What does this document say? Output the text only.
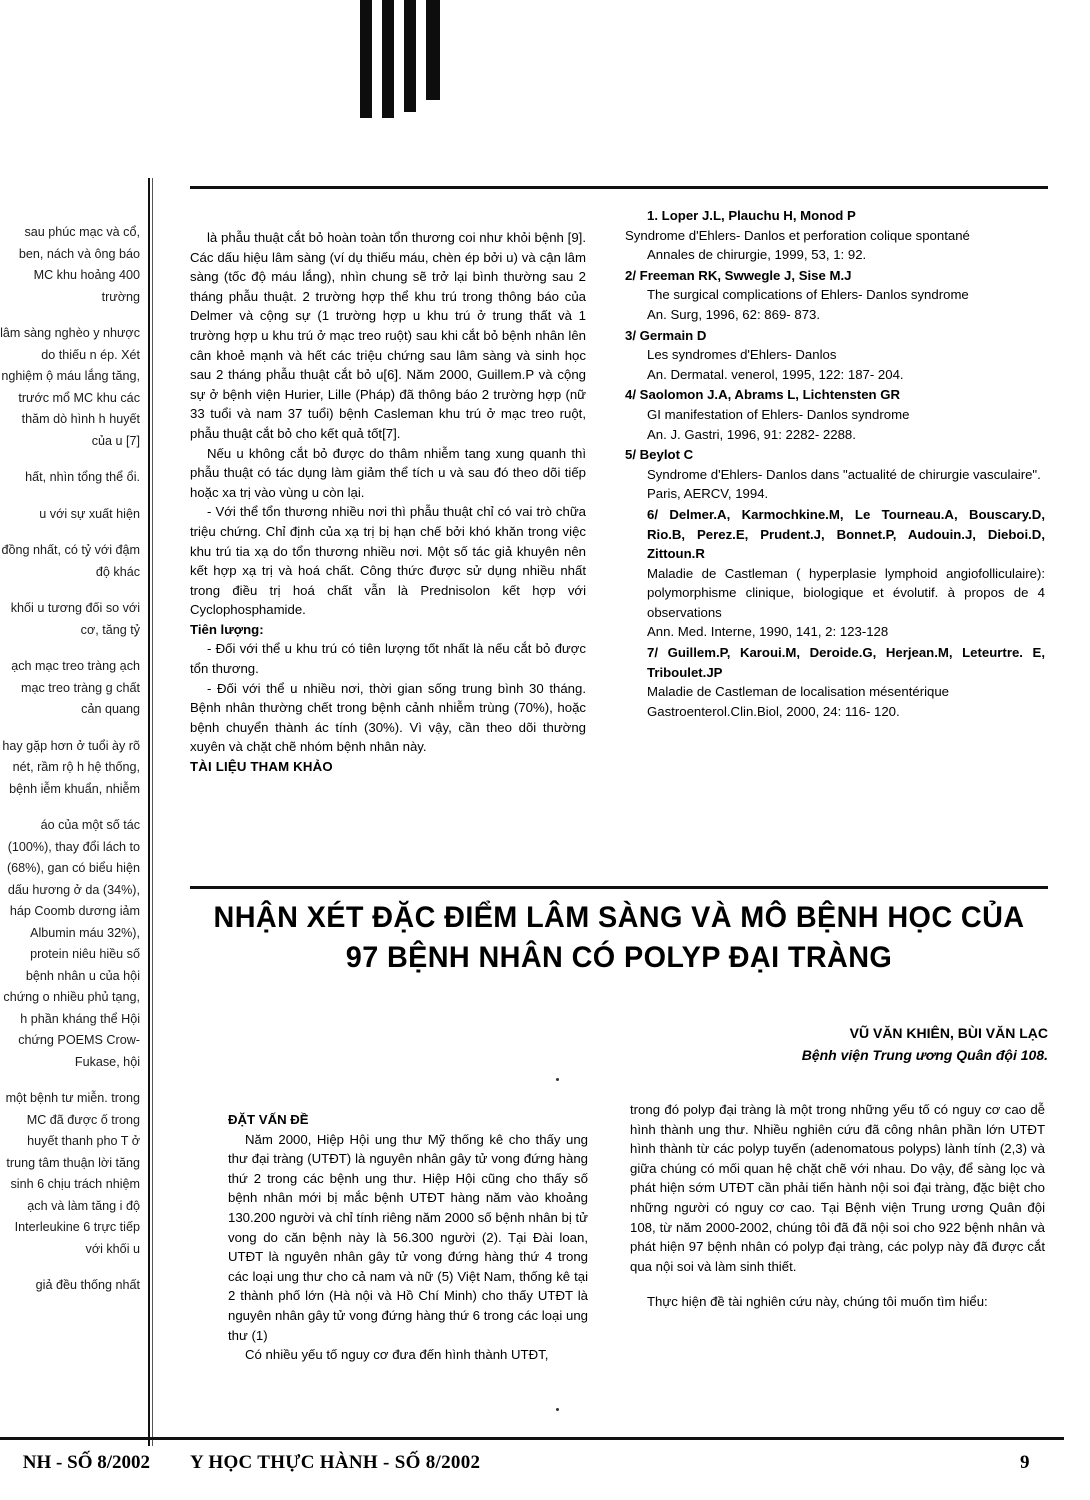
sau phúc mạc và cổ, ben, nách và ông báo MC khu hoảng 400 trường

lâm sàng nghèo y nhược do thiếu n ép. Xét nghiệm ộ máu lắng tăng, trước mổ MC khu các thăm dò hình h huyết của u [7]

hất, nhìn tổng thể ổi.

u với sự xuất hiện

đồng nhất, có tỷ với đậm độ khác

khối u tương đối so với cơ, tăng tỷ

ạch mạc treo tràng ạch mạc treo tràng g chất cản quang

hay gặp hơn ở tuổi ày rõ nét, rầm rộ h hệ thống, bệnh iễm khuẩn, nhiễm

áo của một số tác (100%), thay đổi lách to (68%), gan có biểu hiện dấu hương ở da (34%), háp Coomb dương iảm Albumin máu 32%), protein niêu hiều số bệnh nhân u của hội chứng o nhiều phủ tạng, h phần kháng thể Hội chứng POEMS Crow- Fukase, hội

một bệnh tư miễn. trong MC đã được ố trong huyết thanh pho T ở trung tâm thuận lời tăng sinh 6 chịu trách nhiệm ạch và làm tăng i độ Interleukine 6 trực tiếp với khối u

giả đều thống nhất

là phẫu thuật cắt bỏ hoàn toàn tổn thương coi như khỏi bệnh [9]. Các dấu hiệu lâm sàng (ví dụ thiếu máu, chèn ép bởi u) và cận lâm sàng (tốc độ máu lắng), nhìn chung sẽ trở lại bình thường sau 2 tháng phẫu thuật. 2 trường hợp thể khu trú trong thông báo của Delmer và cộng sự (1 trường hợp u khu trú ở trung thất và 1 trường hợp u khu trú ở mạc treo ruột) sau khi cắt bỏ bệnh nhân lên cân khoẻ mạnh và hết các triệu chứng sau lâm sàng và sinh học sau 2 tháng phẫu thuật cắt bỏ u[6]. Năm 2000, Guillem.P và cộng sự ở bệnh viện Hurier, Lille (Pháp) đã thông báo 2 trường hợp (nữ 33 tuổi và nam 37 tuổi) bệnh Casleman khu trú ở mạc treo ruột, phẫu thuật cắt bỏ cho kết quả tốt[7].

Nếu u không cắt bỏ được do thâm nhiễm tang xung quanh thì phẫu thuật có tác dụng làm giảm thể tích u và sau đó theo dõi tiếp hoặc xa trị vào vùng u còn lại.

- Với thể tổn thương nhiều nơi thì phẫu thuật chỉ có vai trò chữa triệu chứng. Chỉ định của xạ trị bị hạn chế bởi khó khăn trong việc khu trú tia xạ do tổn thương nhiều nơi. Một số tác giả khuyên nên kết hợp xạ trị và hoá chất. Công thức được sử dụng nhiều nhất trong điều trị hoá chất vẫn là Prednisolon kết hợp với Cyclophosphamide.

Tiên lượng:

- Đối với thể u khu trú có tiên lượng tốt nhất là nếu cắt bỏ được tổn thương.

- Đối với thể u nhiều nơi, thời gian sống trung bình 30 tháng. Bệnh nhân thường chết trong bệnh cảnh nhiễm trùng (70%), hoặc bệnh chuyển thành ác tính (30%). Vì vậy, cần theo dõi thường xuyên và chặt chẽ nhóm bệnh nhân này.

TÀI LIỆU THAM KHẢO

1. Loper J.L, Plauchu H, Monod P

Syndrome d'Ehlers- Danlos et perforation colique spontané

Annales de chirurgie, 1999, 53, 1: 92.

2/ Freeman RK, Swwegle J, Sise M.J

The surgical complications of Ehlers- Danlos syndrome

An. Surg, 1996, 62: 869- 873.

3/ Germain D

Les syndromes d'Ehlers- Danlos

An. Dermatal. venerol, 1995, 122: 187- 204.

4/ Saolomon J.A, Abrams L, Lichtensten GR

GI manifestation of Ehlers- Danlos syndrome

An. J. Gastri, 1996, 91: 2282- 2288.

5/ Beylot C

Syndrome d'Ehlers- Danlos dans "actualité de chirurgie vasculaire".

Paris, AERCV, 1994.

6/ Delmer.A, Karmochkine.M, Le Tourneau.A, Bouscary.D, Rio.B, Perez.E, Prudent.J, Bonnet.P, Audouin.J, Dieboi.D, Zittoun.R

Maladie de Castleman ( hyperplasie lymphoid angiofolliculaire): polymorphisme clinique, biologique et évolutif. à propos de 4 observations

Ann. Med. Interne, 1990, 141, 2: 123-128

7/ Guillem.P, Karoui.M, Deroide.G, Herjean.M, Leteurtre. E, Triboulet.JP

Maladie de Castleman de localisation mésentérique

Gastroenterol.Clin.Biol, 2000, 24: 116- 120.

NHẬN XÉT ĐẶC ĐIỂM LÂM SÀNG VÀ MÔ BỆNH HỌC CỦA 97 BỆNH NHÂN CÓ POLYP ĐẠI TRÀNG
VŨ VĂN KHIÊN, BÙI VĂN LẠC
Bệnh viện Trung ương Quân đội 108.

ĐẶT VẤN ĐỀ

Năm 2000, Hiệp Hội ung thư Mỹ thống kê cho thấy ung thư đại tràng (UTĐT) là nguyên nhân gây tử vong đứng hàng thứ 2 trong các bệnh ung thư. Hiệp Hội cũng cho thấy số bệnh nhân mới bị mắc bệnh UTĐT hàng năm vào khoảng 130.200 người và chỉ tính riêng năm 2000 số bệnh nhân bị tử vong do căn bệnh này là 56.300 người (2). Tại Đài loan, UTĐT là nguyên nhân gây tử vong đứng hàng thứ 4 trong các loại ung thư cho cả nam và nữ (5) Việt Nam, thống kê tại 2 thành phố lớn (Hà nội và Hồ Chí Minh) cho thấy UTĐT là nguyên nhân gây tử vong đứng hàng thứ 6 trong các loại ung thư (1)

Có nhiều yếu tố nguy cơ đưa đến hình thành UTĐT,

trong đó polyp đại tràng là một trong những yếu tố có nguy cơ cao dễ hình thành ung thư. Nhiều nghiên cứu đã công nhân phần lớn UTĐT hình thành từ các polyp tuyến (adenomatous polyps) lành tính (2,3) và giữa chúng có mối quan hệ chặt chẽ với nhau. Do vậy, để sàng lọc và phát hiện sớm UTĐT cần phải tiến hành nội soi đại tràng, đặc biệt cho những người có nguy cơ cao. Tại Bệnh viện Trung ương Quân đội 108, từ năm 2000-2002, chúng tôi đã đã nội soi cho 922 bệnh nhân và phát hiện 97 bệnh nhân có polyp đại tràng, các polyp này đã được cắt qua nội soi và làm sinh thiết.

Thực hiện đề tài nghiên cứu này, chúng tôi muốn tìm hiểu:

NH - SỐ 8/2002 Y HỌC THỰC HÀNH - SỐ 8/2002	9
